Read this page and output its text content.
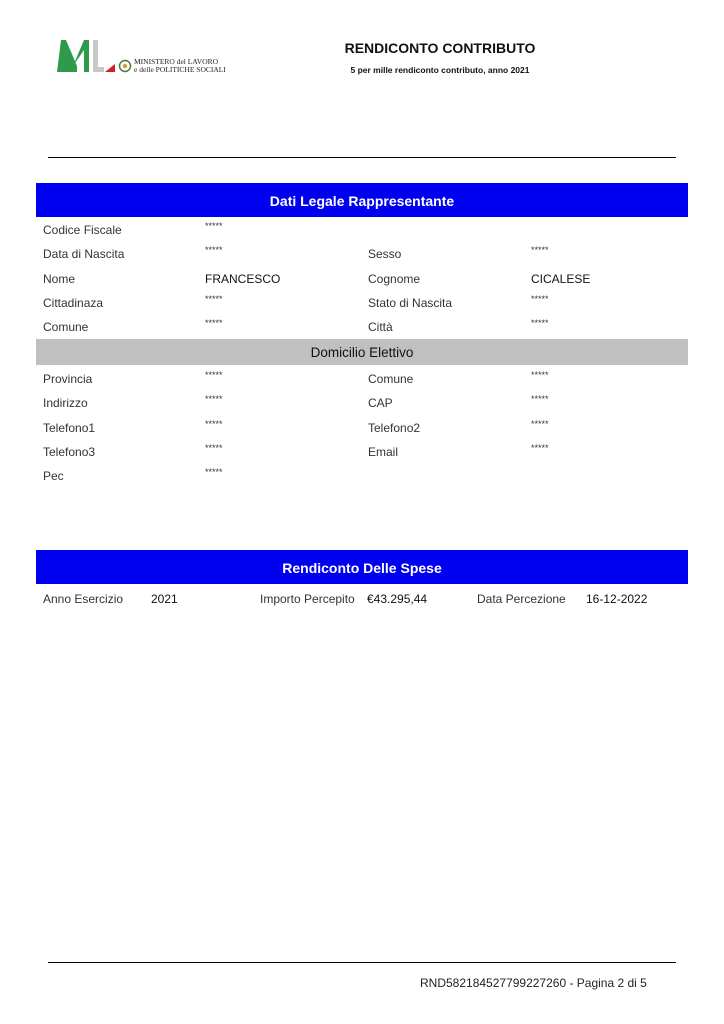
MINISTERO del LAVORO
e delle POLITICHE SOCIALI
RENDICONTO CONTRIBUTO
5 per mille rendiconto contributo, anno 2021
Dati Legale Rappresentante
Codice Fiscale	*****
Data di Nascita	*****	Sesso	*****
Nome	FRANCESCO	Cognome	CICALESE
Cittadinaza	*****	Stato di Nascita	*****
Comune	*****	Città	*****
Domicilio Elettivo
Provincia	*****	Comune	*****
Indirizzo	*****	CAP	*****
Telefono1	*****	Telefono2	*****
Telefono3	*****	Email	*****
Pec	*****
Rendiconto Delle Spese
Anno Esercizio 2021	Importo Percepito €43.295,44	Data Percezione 16-12-2022
RND582184527799227260 - Pagina 2 di 5
